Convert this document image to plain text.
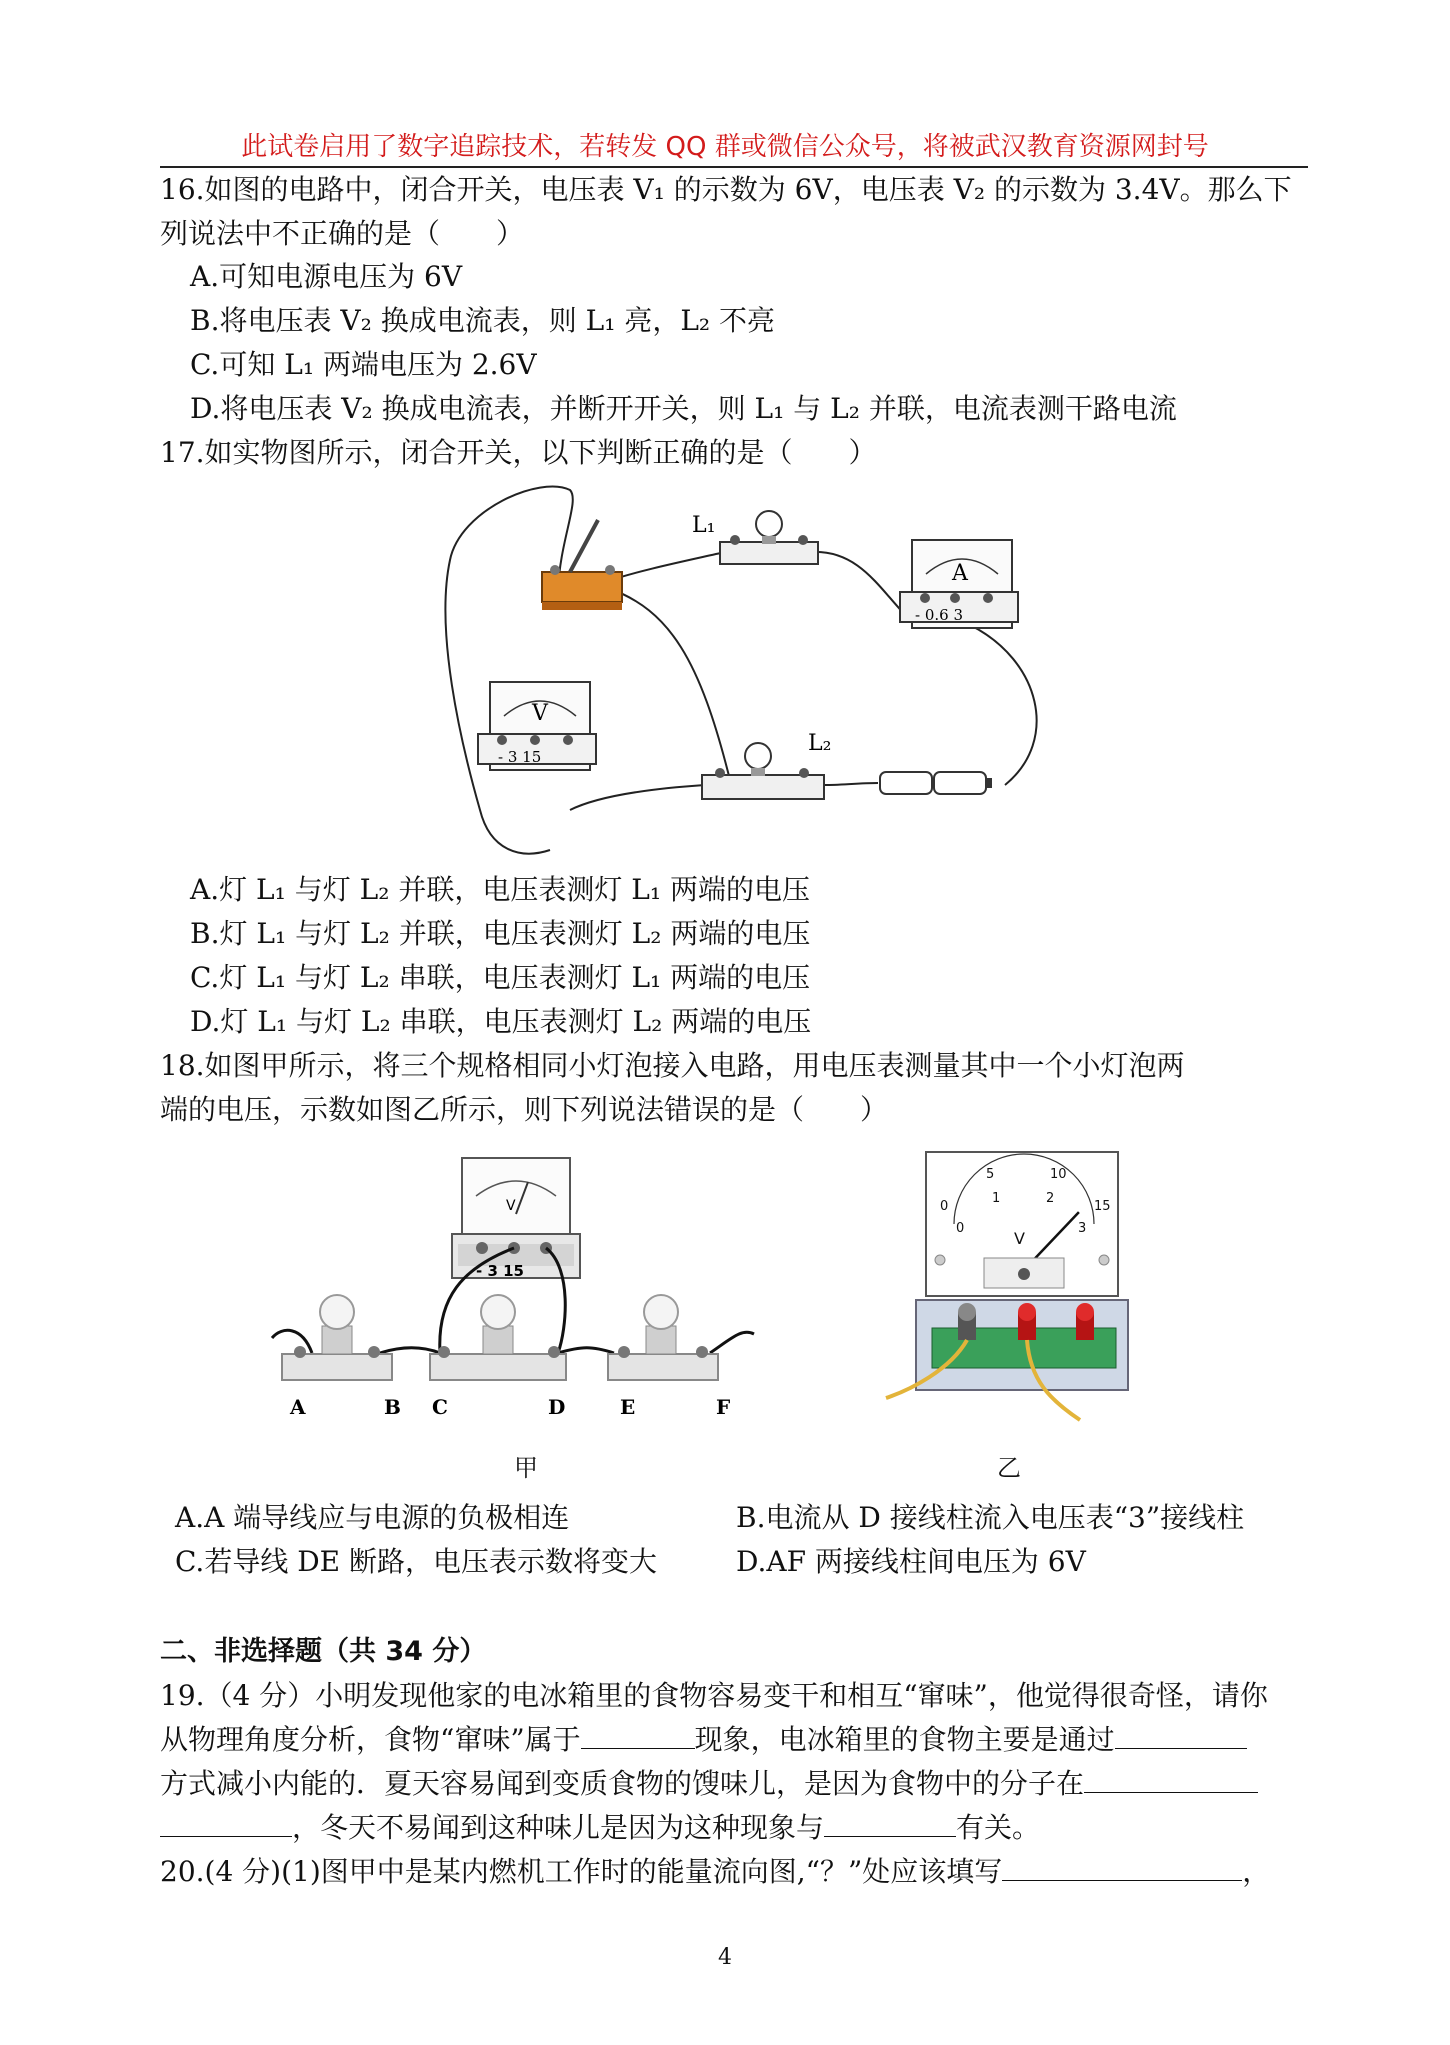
此试卷启用了数字追踪技术，若转发 QQ 群或微信公众号，将被武汉教育资源网封号
16.如图的电路中，闭合开关，电压表 V₁ 的示数为 6V，电压表 V₂ 的示数为 3.4V。那么下
列说法中不正确的是（　　）
A.可知电源电压为 6V
B.将电压表 V₂ 换成电流表，则 L₁ 亮，L₂ 不亮
C.可知 L₁ 两端电压为 2.6V
D.将电压表 V₂ 换成电流表，并断开开关，则 L₁ 与 L₂ 并联，电流表测干路电流
17.如实物图所示，闭合开关，以下判断正确的是（　　）
L₁
A
- 0.6 3
V
- 3 15
L₂
A.灯 L₁ 与灯 L₂ 并联，电压表测灯 L₁ 两端的电压
B.灯 L₁ 与灯 L₂ 并联，电压表测灯 L₂ 两端的电压
C.灯 L₁ 与灯 L₂ 串联，电压表测灯 L₁ 两端的电压
D.灯 L₁ 与灯 L₂ 串联，电压表测灯 L₂ 两端的电压
18.如图甲所示，将三个规格相同小灯泡接入电路，用电压表测量其中一个小灯泡两
端的电压，示数如图乙所示，则下列说法错误的是（　　）
V
- 3 15
A	B C	D	E	F
0
5	10
15
0
1	2
3
V
甲	乙
A.A 端导线应与电源的负极相连	B.电流从 D 接线柱流入电压表“3”接线柱
C.若导线 DE 断路，电压表示数将变大	D.AF 两接线柱间电压为 6V
二、非选择题（共 34 分）
19.（4 分）小明发现他家的电冰箱里的食物容易变干和相互“窜味”，他觉得很奇怪，请你
从物理角度分析，食物“窜味”属于	现象，电冰箱里的食物主要是通过
方式减小内能的．夏天容易闻到变质食物的馊味儿，是因为食物中的分子在
，冬天不易闻到这种味儿是因为这种现象与	有关。
20.(4 分)(1)图甲中是某内燃机工作时的能量流向图,“？”处应该填写	，
4
